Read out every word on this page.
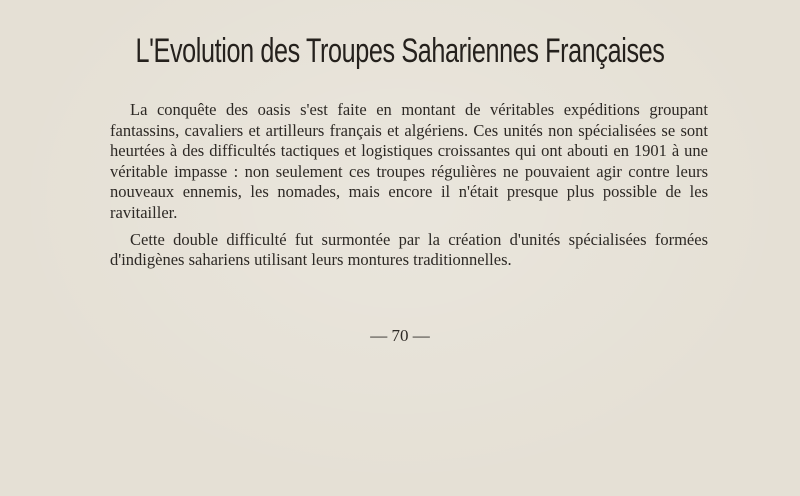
L'Evolution des Troupes Sahariennes Françaises

La conquête des oasis s'est faite en montant de véritables expéditions groupant fantassins, cavaliers et artilleurs français et algériens. Ces unités non spécialisées se sont heurtées à des difficultés tactiques et logistiques croissantes qui ont abouti en 1901 à une véritable impasse : non seulement ces troupes régulières ne pouvaient agir contre leurs nouveaux ennemis, les nomades, mais encore il n'était presque plus possible de les ravitailler.

Cette double difficulté fut surmontée par la création d'unités spécialisées formées d'indigènes sahariens utilisant leurs montures traditionnelles.

— 70 —
